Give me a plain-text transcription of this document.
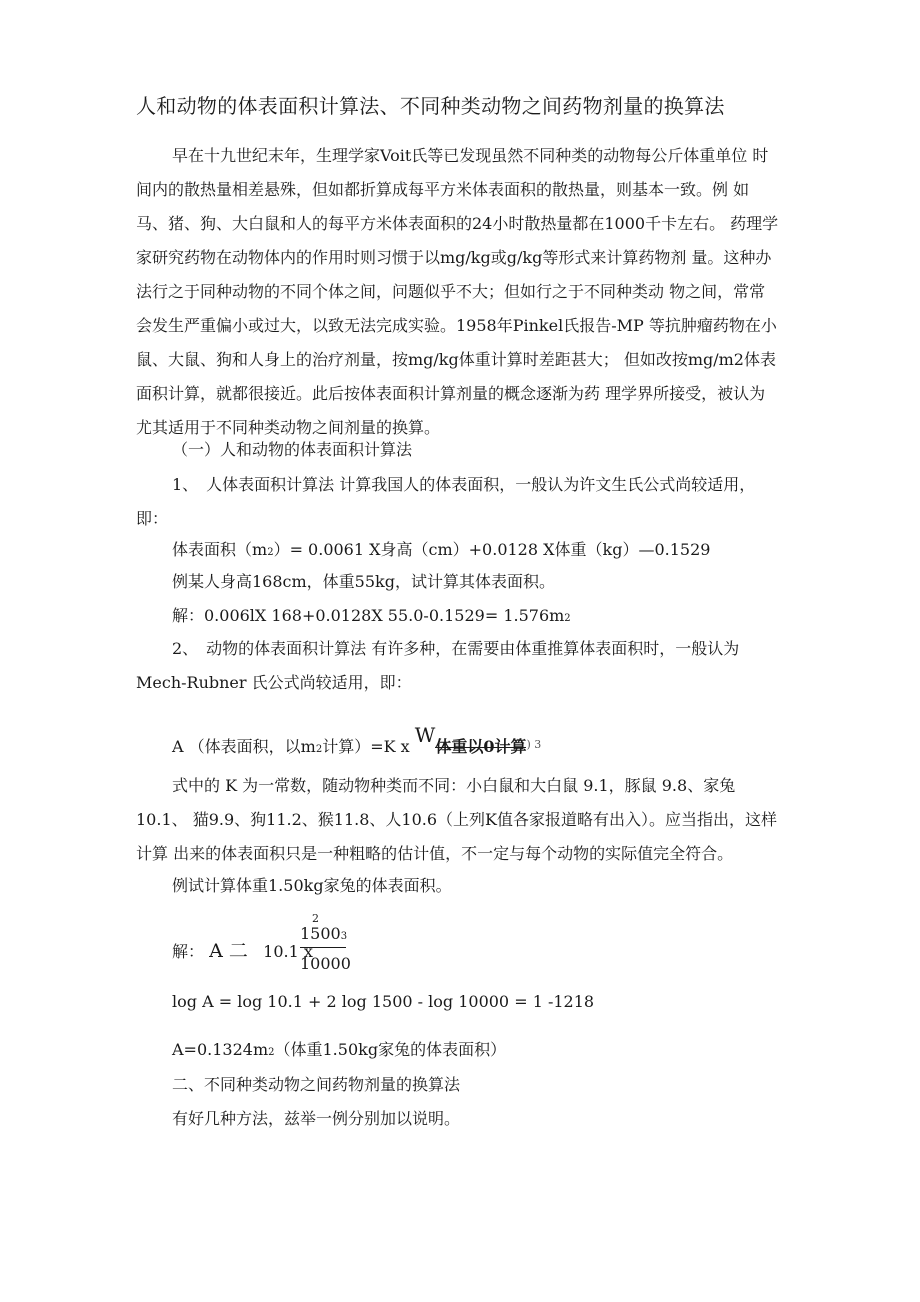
人和动物的体表面积计算法、不同种类动物之间药物剂量的换算法
早在十九世纪末年，生理学家Voit氏等已发现虽然不同种类的动物每公斤体重单位 时
间内的散热量相差悬殊，但如都折算成每平方米体表面积的散热量，则基本一致。例 如
马、猪、狗、大白鼠和人的每平方米体表面积的24小时散热量都在1000千卡左右。 药理学
家研究药物在动物体内的作用时则习惯于以mg/kg或g/kg等形式来计算药物剂 量。这种办
法行之于同种动物的不同个体之间，问题似乎不大；但如行之于不同种类动 物之间，常常
会发生严重偏小或过大，以致无法完成实验。1958年Pinkel氏报告-MP 等抗肿瘤药物在小
鼠、大鼠、狗和人身上的治疗剂量，按mg/kg体重计算时差距甚大； 但如改按mg/m2体表
面积计算，就都很接近。此后按体表面积计算剂量的概念逐渐为药 理学界所接受，被认为
尤其适用于不同种类动物之间剂量的换算。
（一）人和动物的体表面积计算法
1、　人体表面积计算法 计算我国人的体表面积，一般认为许文生氏公式尚较适用，
即：
体表面积（m2）= 0.0061 X身高（cm）+0.0128 X体重（kg）—0.1529
例某人身高168cm，体重55kg，试计算其体表面积。
解：0.006lX 168+0.0128X 55.0-0.1529= 1.576m2
2、　动物的体表面积计算法 有许多种，在需要由体重推算体表面积时，一般认为
Mech-Rubner 氏公式尚较适用，即：
A （体表面积，以m2计算）=K x W体重以0计算$^{) 3}$
式中的 K 为一常数，随动物种类而不同：小白鼠和大白鼠 9.1，豚鼠 9.8、家兔
10.1、 猫9.9、狗11.2、猴11.8、人10.6（上列K值各家报道略有出入）。应当指出，这样
计算 出来的体表面积只是一种粗略的估计值，不一定与每个动物的实际值完全符合。
例试计算体重1.50kg家兔的体表面积。
解： A 二 10.1 x
2
15003
10000
log A = log 10.1 + 2 log 1500 - log 10000 = 1 -1218
A=0.1324m2（体重1.50kg家兔的体表面积）
二、不同种类动物之间药物剂量的换算法
有好几种方法，兹举一例分别加以说明。
